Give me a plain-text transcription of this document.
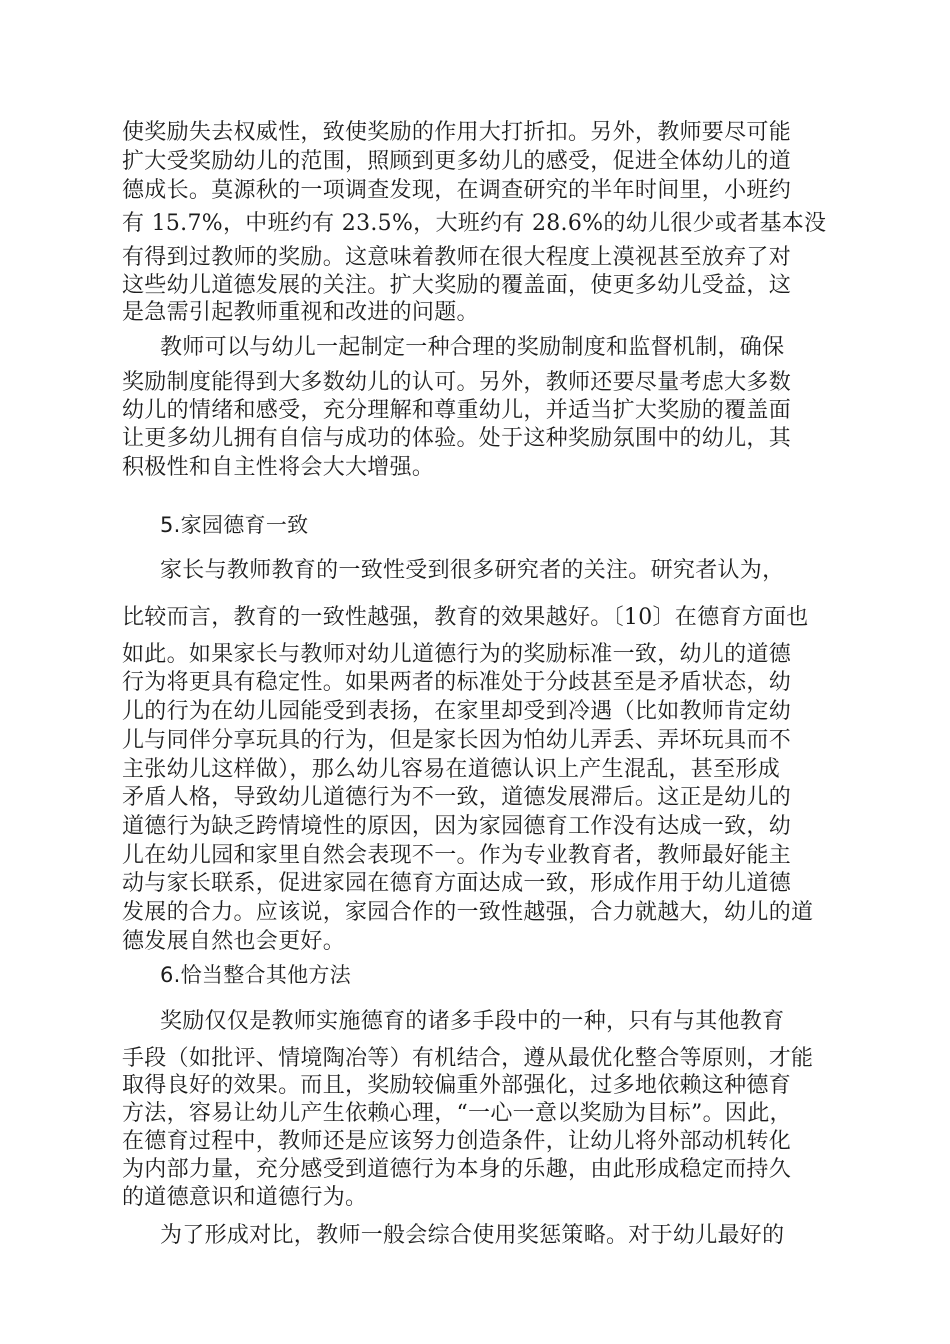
使奖励失去权威性，致使奖励的作用大打折扣。另外，教师要尽可能
扩大受奖励幼儿的范围，照顾到更多幼儿的感受，促进全体幼儿的道
德成长。莫源秋的一项调查发现，在调查研究的半年时间里，小班约
有 15.7%，中班约有 23.5%，大班约有 28.6%的幼儿很少或者基本没
有得到过教师的奖励。这意味着教师在很大程度上漠视甚至放弃了对
这些幼儿道德发展的关注。扩大奖励的覆盖面，使更多幼儿受益，这
是急需引起教师重视和改进的问题。
教师可以与幼儿一起制定一种合理的奖励制度和监督机制，确保
奖励制度能得到大多数幼儿的认可。另外，教师还要尽量考虑大多数
幼儿的情绪和感受，充分理解和尊重幼儿，并适当扩大奖励的覆盖面
让更多幼儿拥有自信与成功的体验。处于这种奖励氛围中的幼儿，其
积极性和自主性将会大大增强。
5.家园德育一致
家长与教师教育的一致性受到很多研究者的关注。研究者认为，
比较而言，教育的一致性越强，教育的效果越好。〔10〕在德育方面也
如此。如果家长与教师对幼儿道德行为的奖励标准一致，幼儿的道德
行为将更具有稳定性。如果两者的标准处于分歧甚至是矛盾状态，幼
儿的行为在幼儿园能受到表扬，在家里却受到冷遇（比如教师肯定幼
儿与同伴分享玩具的行为，但是家长因为怕幼儿弄丢、弄坏玩具而不
主张幼儿这样做），那么幼儿容易在道德认识上产生混乱，甚至形成
矛盾人格，导致幼儿道德行为不一致，道德发展滞后。这正是幼儿的
道德行为缺乏跨情境性的原因，因为家园德育工作没有达成一致，幼
儿在幼儿园和家里自然会表现不一。作为专业教育者，教师最好能主
动与家长联系，促进家园在德育方面达成一致，形成作用于幼儿道德
发展的合力。应该说，家园合作的一致性越强，合力就越大，幼儿的道
德发展自然也会更好。
6.恰当整合其他方法
奖励仅仅是教师实施德育的诸多手段中的一种，只有与其他教育
手段（如批评、情境陶冶等）有机结合，遵从最优化整合等原则，才能
取得良好的效果。而且，奖励较偏重外部强化，过多地依赖这种德育
方法，容易让幼儿产生依赖心理，“一心一意以奖励为目标”。因此，
在德育过程中，教师还是应该努力创造条件，让幼儿将外部动机转化
为内部力量，充分感受到道德行为本身的乐趣，由此形成稳定而持久
的道德意识和道德行为。
为了形成对比，教师一般会综合使用奖惩策略。对于幼儿最好的
